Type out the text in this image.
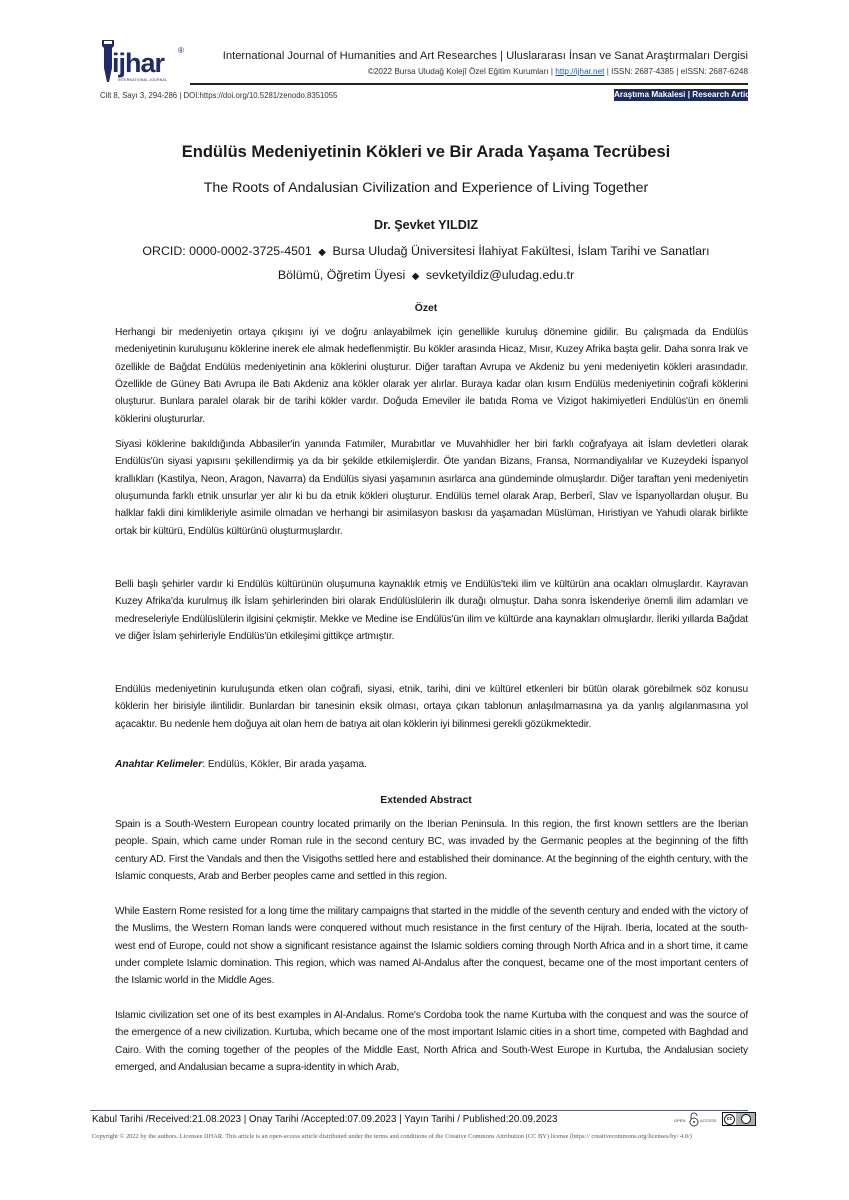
ijhar ®
INTERNATIONAL JOURNAL
International Journal of Humanities and Art Researches | Uluslararası İnsan ve Sanat Araştırmaları Dergisi
©2022 Bursa Uludağ Kolejî Özel Eğitim Kurumları | http://ijhar.net | ISSN: 2687-4385 | eISSN: 2687-6248
Cilt 8, Sayı 3, 294-286 | DOI:https://doi.org/10.5281/zenodo.8351055	Araştıma Makalesi | Research Article
Endülüs Medeniyetinin Kökleri ve Bir Arada Yaşama Tecrübesi
The Roots of Andalusian Civilization and Experience of Living Together
Dr. Şevket YILDIZ
ORCID: 0000-0002-3725-4501 ◆ Bursa Uludağ Üniversitesi İlahiyat Fakültesi, İslam Tarihi ve Sanatları
Bölümü, Öğretim Üyesi ◆ sevketyildiz@uludag.edu.tr
Özet

Herhangi bir medeniyetin ortaya çıkışını iyi ve doğru anlayabilmek için genellikle kuruluş dönemine gidilir. Bu çalışmada da Endülüs medeniyetinin kuruluşunu köklerine inerek ele almak hedeflenmiştir. Bu kökler arasında Hicaz, Mısır, Kuzey Afrika başta gelir. Daha sonra Irak ve özellikle de Bağdat Endülüs medeniyetinin ana köklerini oluşturur. Diğer taraftan Avrupa ve Akdeniz bu yeni medeniyetin kökleri arasındadır. Özellikle de Güney Batı Avrupa ile Batı Akdeniz ana kökler olarak yer alırlar. Buraya kadar olan kısım Endülüs medeniyetinin coğrafi köklerini oluşturur. Bunlara paralel olarak bir de tarihi kökler vardır. Doğuda Emeviler ile batıda Roma ve Vizigot hakimiyetleri Endülüs'ün en önemli köklerini oluştururlar.

Siyasi köklerine bakıldığında Abbasiler'in yanında Fatımiler, Murabıtlar ve Muvahhidler her biri farklı coğrafyaya ait İslam devletleri olarak Endülüs'ün siyasi yapısını şekillendirmiş ya da bir şekilde etkilemişlerdir. Öte yandan Bizans, Fransa, Normandiyalılar ve Kuzeydeki İspanyol krallıkları (Kastilya, Neon, Aragon, Navarra) da Endülüs siyasi yaşamının asırlarca ana gündeminde olmuşlardır. Diğer taraftan yeni medeniyetin oluşumunda farklı etnik unsurlar yer alır ki bu da etnik kökleri oluşturur. Endülüs temel olarak Arap, Berberî, Slav ve İspanyollardan oluşur. Bu halklar fakli dini kimlikleriyle asimile olmadan ve herhangi bir asimilasyon baskısı da yaşamadan Müslüman, Hıristiyan ve Yahudi olarak birlikte ortak bir kültürü, Endülüs kültürünü oluşturmuşlardır.

Belli başlı şehirler vardır ki Endülüs kültürünün oluşumuna kaynaklık etmiş ve Endülüs'teki ilim ve kültürün ana ocakları olmuşlardır. Kayravan Kuzey Afrika'da kurulmuş ilk İslam şehirlerinden biri olarak Endülüslülerin ilk durağı olmuştur. Daha sonra İskenderiye önemli ilim adamları ve medreseleriyle Endülüslülerin ilgisini çekmiştir. Mekke ve Medine ise Endülüs'ün ilim ve kültürde ana kaynakları olmuşlardır. İleriki yıllarda Bağdat ve diğer İslam şehirleriyle Endülüs'ün etkileşimi gittikçe artmıştır.

Endülüs medeniyetinin kuruluşunda etken olan coğrafi, siyasi, etnik, tarihi, dini ve kültürel etkenleri bir bütün olarak görebilmek söz konusu köklerin her birisiyle ilintilidir. Bunlardan bir tanesinin eksik olması, ortaya çıkan tablonun anlaşılmamasına ya da yanlış algılanmasına yol açacaktır. Bu nedenle hem doğuya ait olan hem de batıya ait olan köklerin iyi bilinmesi gerekli gözükmektedir.

Anahtar Kelimeler: Endülüs, Kökler, Bir arada yaşama.
Extended Abstract

Spain is a South-Western European country located primarily on the Iberian Peninsula. In this region, the first known settlers are the Iberian people. Spain, which came under Roman rule in the second century BC, was invaded by the Germanic peoples at the beginning of the fifth century AD. First the Vandals and then the Visigoths settled here and established their dominance. At the beginning of the eighth century, with the Islamic conquests, Arab and Berber peoples came and settled in this region.

While Eastern Rome resisted for a long time the military campaigns that started in the middle of the seventh century and ended with the victory of the Muslims, the Western Roman lands were conquered without much resistance in the first century of the Hijrah. Iberia, located at the south-west end of Europe, could not show a significant resistance against the Islamic soldiers coming through North Africa and in a short time, it came under complete Islamic domination. This region, which was named Al-Andalus after the conquest, became one of the most important centers of the Islamic world in the Middle Ages.

Islamic civilization set one of its best examples in Al-Andalus. Rome's Cordoba took the name Kurtuba with the conquest and was the source of the emergence of a new civilization. Kurtuba, which became one of the most important Islamic cities in a short time, competed with Baghdad and Cairo. With the coming together of the peoples of the Middle East, North Africa and South-West Europe in Kurtuba, the Andalusian society emerged, and Andalusian became a supra-identity in which Arab,

Kabul Tarihi /Received:21.08.2023 | Onay Tarihi /Accepted:07.09.2023 | Yayın Tarihi / Published:20.09.2023	OPEN	ACCESS	cc
Copyright © 2022 by the authors. Licensee IJHAR. This article is an open-access article distributed under the terms and conditions of the Creative Commons Attribution (CC BY) license (https:// creativecommons.org/licenses/by/ 4.0/)
